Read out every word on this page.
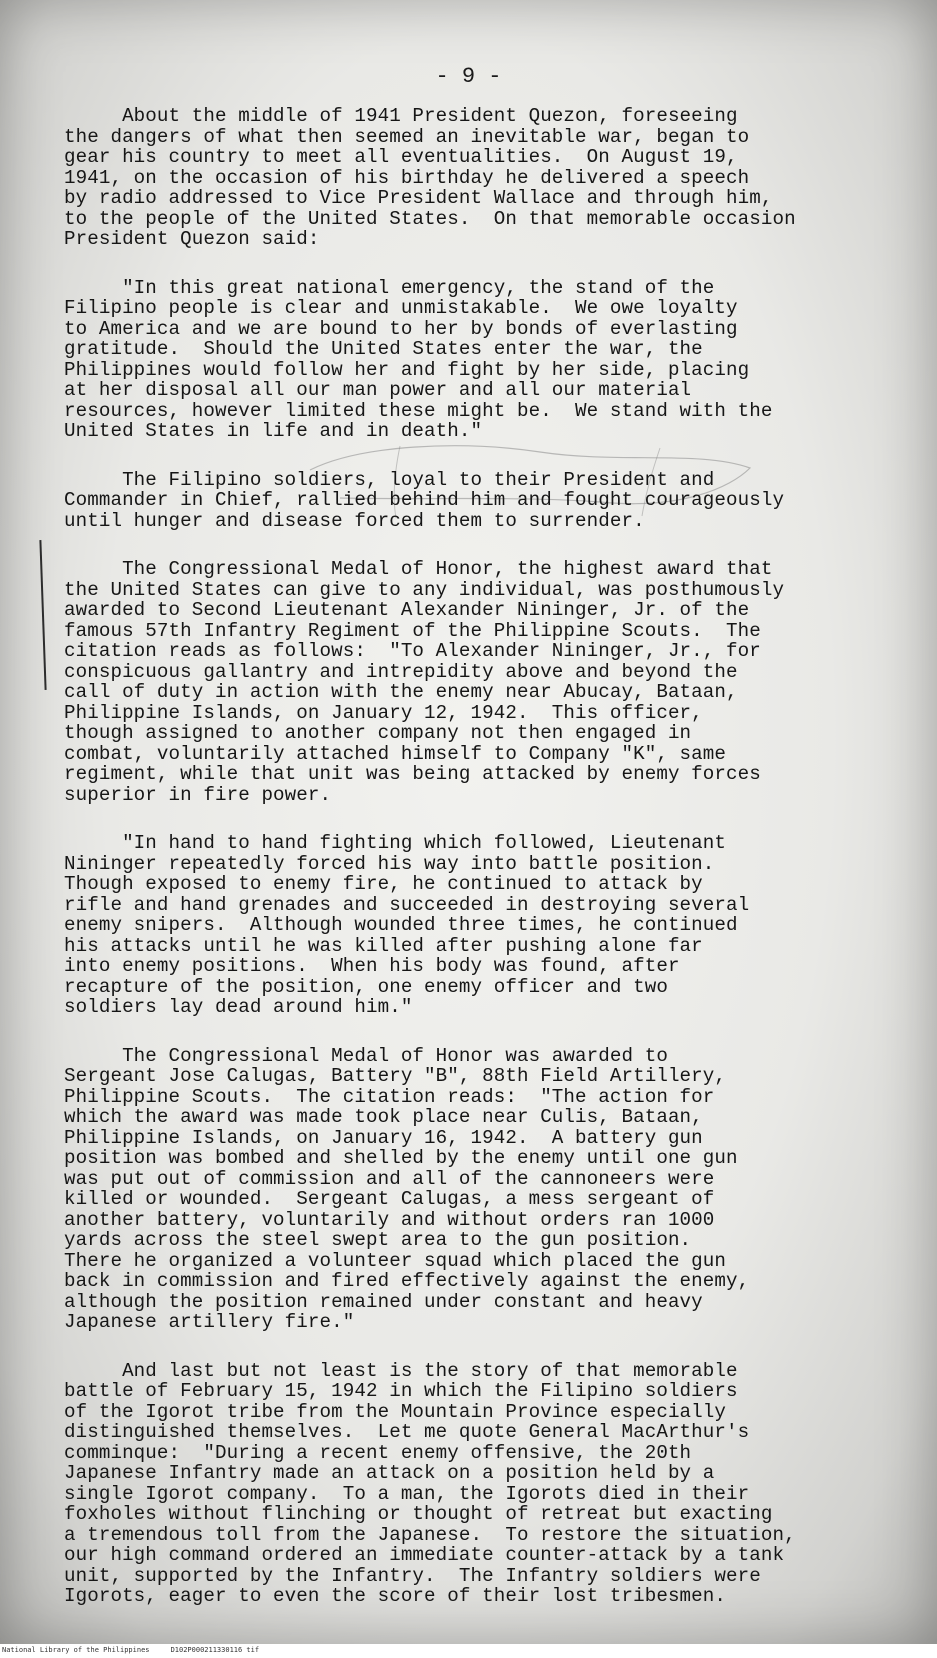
- 9 -
About the middle of 1941 President Quezon, foreseeing
the dangers of what then seemed an inevitable war, began to
gear his country to meet all eventualities.  On August 19,
1941, on the occasion of his birthday he delivered a speech
by radio addressed to Vice President Wallace and through him,
to the people of the United States.  On that memorable occasion
President Quezon said:
"In this great national emergency, the stand of the
Filipino people is clear and unmistakable.  We owe loyalty
to America and we are bound to her by bonds of everlasting
gratitude.  Should the United States enter the war, the
Philippines would follow her and fight by her side, placing
at her disposal all our man power and all our material
resources, however limited these might be.  We stand with the
United States in life and in death."
The Filipino soldiers, loyal to their President and
Commander in Chief, rallied behind him and fought courageously
until hunger and disease forced them to surrender.
The Congressional Medal of Honor, the highest award that
the United States can give to any individual, was posthumously
awarded to Second Lieutenant Alexander Nininger, Jr. of the
famous 57th Infantry Regiment of the Philippine Scouts.  The
citation reads as follows:  "To Alexander Nininger, Jr., for
conspicuous gallantry and intrepidity above and beyond the
call of duty in action with the enemy near Abucay, Bataan,
Philippine Islands, on January 12, 1942.  This officer,
though assigned to another company not then engaged in
combat, voluntarily attached himself to Company "K", same
regiment, while that unit was being attacked by enemy forces
superior in fire power.
"In hand to hand fighting which followed, Lieutenant
Nininger repeatedly forced his way into battle position.
Though exposed to enemy fire, he continued to attack by
rifle and hand grenades and succeeded in destroying several
enemy snipers.  Although wounded three times, he continued
his attacks until he was killed after pushing alone far
into enemy positions.  When his body was found, after
recapture of the position, one enemy officer and two
soldiers lay dead around him."
The Congressional Medal of Honor was awarded to
Sergeant Jose Calugas, Battery "B", 88th Field Artillery,
Philippine Scouts.  The citation reads:  "The action for
which the award was made took place near Culis, Bataan,
Philippine Islands, on January 16, 1942.  A battery gun
position was bombed and shelled by the enemy until one gun
was put out of commission and all of the cannoneers were
killed or wounded.  Sergeant Calugas, a mess sergeant of
another battery, voluntarily and without orders ran 1000
yards across the steel swept area to the gun position.
There he organized a volunteer squad which placed the gun
back in commission and fired effectively against the enemy,
although the position remained under constant and heavy
Japanese artillery fire."
And last but not least is the story of that memorable
battle of February 15, 1942 in which the Filipino soldiers
of the Igorot tribe from the Mountain Province especially
distinguished themselves.  Let me quote General MacArthur's
comminque:  "During a recent enemy offensive, the 20th
Japanese Infantry made an attack on a position held by a
single Igorot company.  To a man, the Igorots died in their
foxholes without flinching or thought of retreat but exacting
a tremendous toll from the Japanese.  To restore the situation,
our high command ordered an immediate counter-attack by a tank
unit, supported by the Infantry.  The Infantry soldiers were
Igorots, eager to even the score of their lost tribesmen.
National Library of the Philippines     D102P000211330116 tif
